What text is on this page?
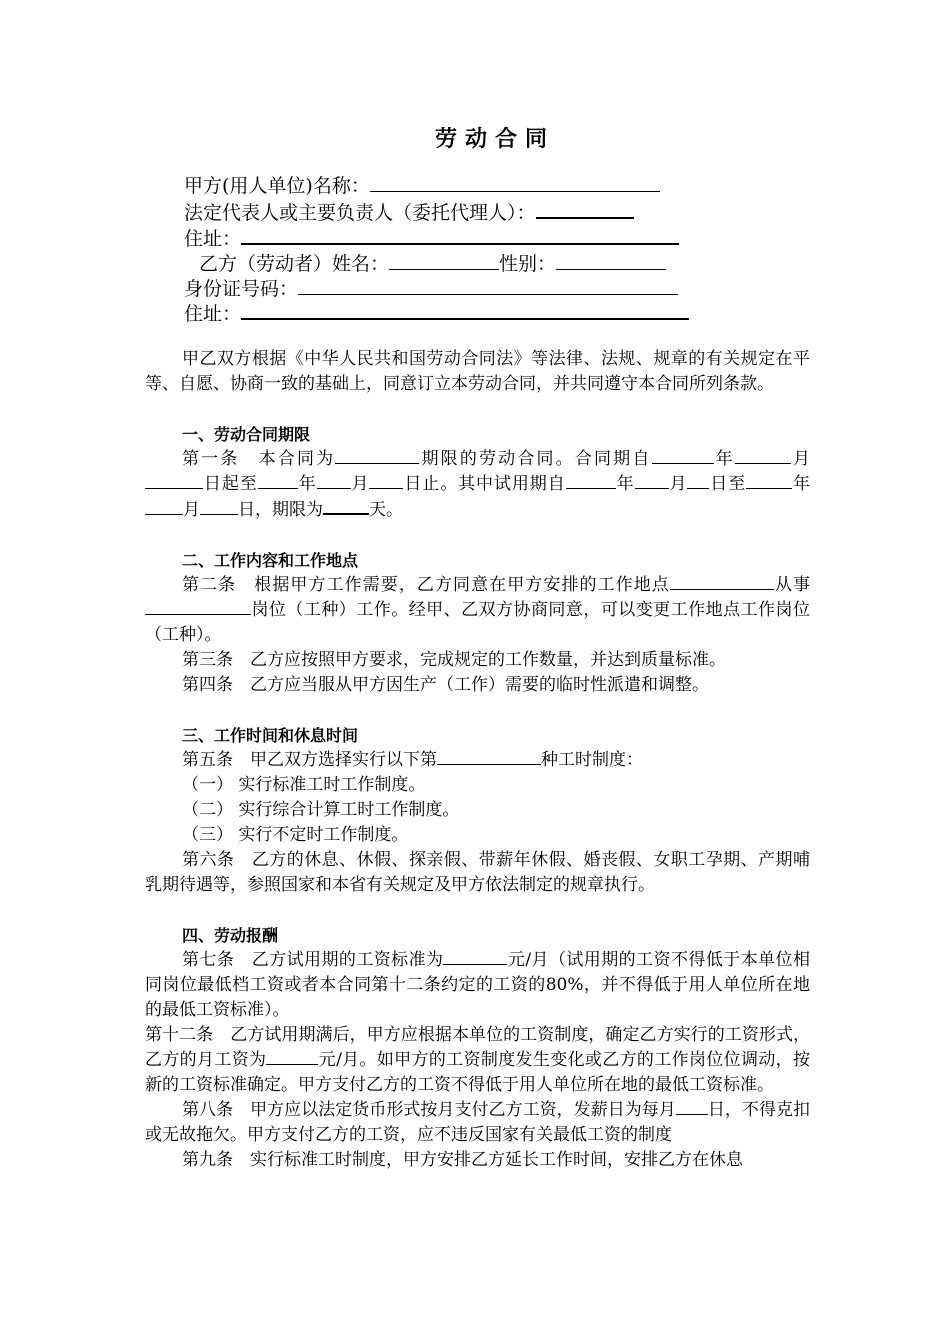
劳动合同
甲方(用人单位)名称：
法定代表人或主要负责人（委托代理人）：
住址：
乙方（劳动者）姓名：	性别：
身份证号码：
住址：

甲乙双方根据《中华人民共和国劳动合同法》等法律、法规、规章的有关规定在平等、自愿、协商一致的基础上，同意订立本劳动合同，并共同遵守本合同所列条款。

一、劳动合同期限

第一条　本合同为	期限的劳动合同。合同期自	年	月日起至 年 月 日止。其中试用期自	年 月 日至	年月 日，期限为	天。

二、工作内容和工作地点

第二条　根据甲方工作需要，乙方同意在甲方安排的工作地点	从事岗位（工种）工作。经甲、乙双方协商同意，可以变更工作地点工作岗位（工种）。

第三条　乙方应按照甲方要求，完成规定的工作数量，并达到质量标准。

第四条　乙方应当服从甲方因生产（工作）需要的临时性派遣和调整。

三、工作时间和休息时间

第五条　甲乙双方选择实行以下第	种工时制度：

（一） 实行标准工时工作制度。

（二） 实行综合计算工时工作制度。

（三） 实行不定时工作制度。

第六条　乙方的休息、休假、探亲假、带薪年休假、婚丧假、女职工孕期、产期哺乳期待遇等，参照国家和本省有关规定及甲方依法制定的规章执行。

四、劳动报酬

第七条　乙方试用期的工资标准为	元/月（试用期的工资不得低于本单位相同岗位最低档工资或者本合同第十二条约定的工资的80%，并不得低于用人单位所在地的最低工资标准）。

第十二条　乙方试用期满后，甲方应根据本单位的工资制度，确定乙方实行的工资形式，乙方的月工资为	元/月。如甲方的工资制度发生变化或乙方的工作岗位位调动，按新的工资标准确定。甲方支付乙方的工资不得低于用人单位所在地的最低工资标准。

第八条　甲方应以法定货币形式按月支付乙方工资，发薪日为每月 日，不得克扣或无故拖欠。甲方支付乙方的工资，应不违反国家有关最低工资的制度

第九条　实行标准工时制度，甲方安排乙方延长工作时间，安排乙方在休息
